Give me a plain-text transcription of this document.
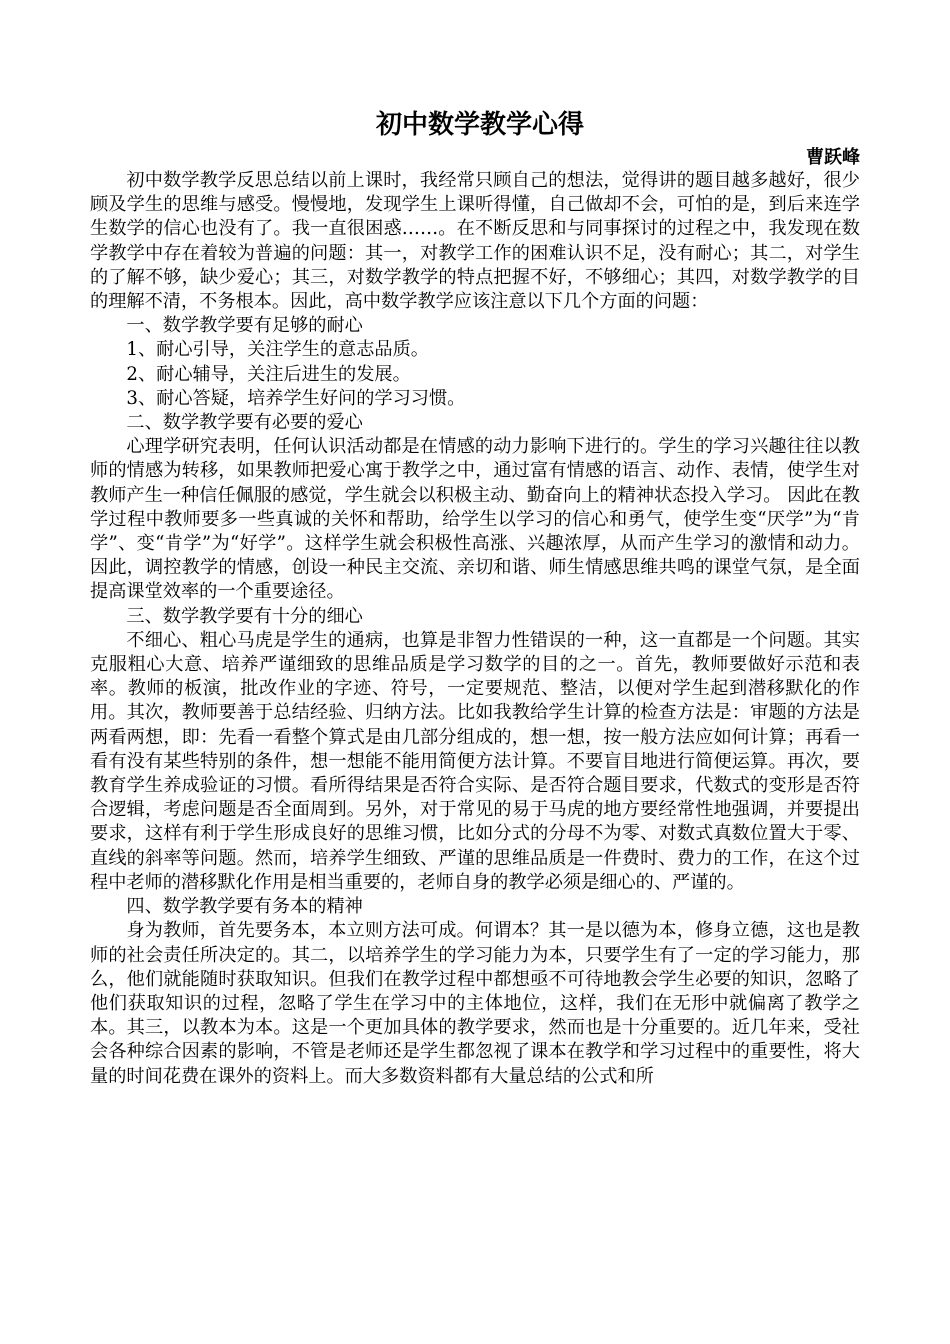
初中数学教学心得
曹跃峰

初中数学教学反思总结以前上课时，我经常只顾自己的想法，觉得讲的题目越多越好，很少顾及学生的思维与感受。慢慢地，发现学生上课听得懂，自己做却不会，可怕的是，到后来连学生数学的信心也没有了。我一直很困惑……。在不断反思和与同事探讨的过程之中，我发现在数学教学中存在着较为普遍的问题：其一，对教学工作的困难认识不足，没有耐心；其二，对学生的了解不够，缺少爱心；其三，对数学教学的特点把握不好，不够细心；其四，对数学教学的目的理解不清，不务根本。因此，高中数学教学应该注意以下几个方面的问题：

一、数学教学要有足够的耐心

1、耐心引导，关注学生的意志品质。

2、耐心辅导，关注后进生的发展。

3、耐心答疑，培养学生好问的学习习惯。

二、数学教学要有必要的爱心

心理学研究表明，任何认识活动都是在情感的动力影响下进行的。学生的学习兴趣往往以教师的情感为转移，如果教师把爱心寓于教学之中，通过富有情感的语言、动作、表情，使学生对教师产生一种信任佩服的感觉，学生就会以积极主动、勤奋向上的精神状态投入学习。 因此在教学过程中教师要多一些真诚的关怀和帮助，给学生以学习的信心和勇气，使学生变“厌学”为“肯学”、变“肯学”为“好学”。这样学生就会积极性高涨、兴趣浓厚，从而产生学习的激情和动力。因此，调控教学的情感，创设一种民主交流、亲切和谐、师生情感思维共鸣的课堂气氛，是全面提高课堂效率的一个重要途径。

三、数学教学要有十分的细心

不细心、粗心马虎是学生的通病，也算是非智力性错误的一种，这一直都是一个问题。其实克服粗心大意、培养严谨细致的思维品质是学习数学的目的之一。首先，教师要做好示范和表率。教师的板演，批改作业的字迹、符号，一定要规范、整洁，以便对学生起到潜移默化的作用。其次，教师要善于总结经验、归纳方法。比如我教给学生计算的检查方法是：审题的方法是两看两想，即：先看一看整个算式是由几部分组成的，想一想，按一般方法应如何计算；再看一看有没有某些特别的条件，想一想能不能用简便方法计算。不要盲目地进行简便运算。再次，要教育学生养成验证的习惯。看所得结果是否符合实际、是否符合题目要求，代数式的变形是否符合逻辑，考虑问题是否全面周到。另外，对于常见的易于马虎的地方要经常性地强调，并要提出要求，这样有利于学生形成良好的思维习惯，比如分式的分母不为零、对数式真数位置大于零、直线的斜率等问题。然而，培养学生细致、严谨的思维品质是一件费时、费力的工作，在这个过程中老师的潜移默化作用是相当重要的，老师自身的教学必须是细心的、严谨的。

四、数学教学要有务本的精神

身为教师，首先要务本，本立则方法可成。何谓本？其一是以德为本，修身立德，这也是教师的社会责任所决定的。其二，以培养学生的学习能力为本，只要学生有了一定的学习能力，那么，他们就能随时获取知识。但我们在教学过程中都想亟不可待地教会学生必要的知识，忽略了他们获取知识的过程，忽略了学生在学习中的主体地位，这样，我们在无形中就偏离了教学之本。其三，以教本为本。这是一个更加具体的教学要求，然而也是十分重要的。近几年来，受社会各种综合因素的影响，不管是老师还是学生都忽视了课本在教学和学习过程中的重要性，将大量的时间花费在课外的资料上。而大多数资料都有大量总结的公式和所
